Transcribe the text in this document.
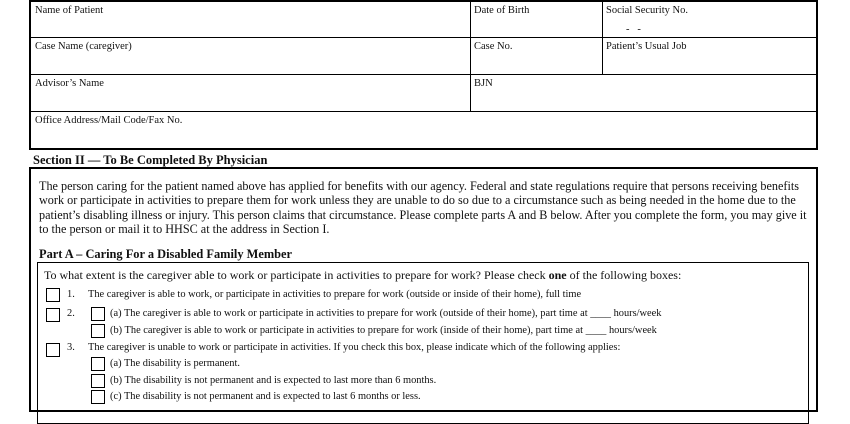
Name of Patient	Date of Birth	Social Security No.
-   -
Case Name (caregiver)	Case No.	Patient’s Usual Job
Advisor’s Name	BJN
Office Address/Mail Code/Fax No.
Section II — To Be Completed By Physician
The person caring for the patient named above has applied for benefits with our agency. Federal and state regulations require that persons receiving benefits work or participate in activities to prepare them for work unless they are unable to do so due to a circumstance such as being needed in the home due to the patient’s disabling illness or injury. This person claims that circumstance. Please complete parts A and B below. After you complete the form, you may give it to the person or mail it to HHSC at the address in Section I.
Part A – Caring For a Disabled Family Member
To what extent is the caregiver able to work or participate in activities to prepare for work? Please check one of the following boxes:
1. The caregiver is able to work, or participate in activities to prepare for work (outside or inside of their home), full time
2.	(a) The caregiver is able to work or participate in activities to prepare for work (outside of their home), part time at ____ hours/week
(b) The caregiver is able to work or participate in activities to prepare for work (inside of their home), part time at ____ hours/week
3. The caregiver is unable to work or participate in activities. If you check this box, please indicate which of the following applies:
(a) The disability is permanent.
(b) The disability is not permanent and is expected to last more than 6 months.
(c) The disability is not permanent and is expected to last 6 months or less.
